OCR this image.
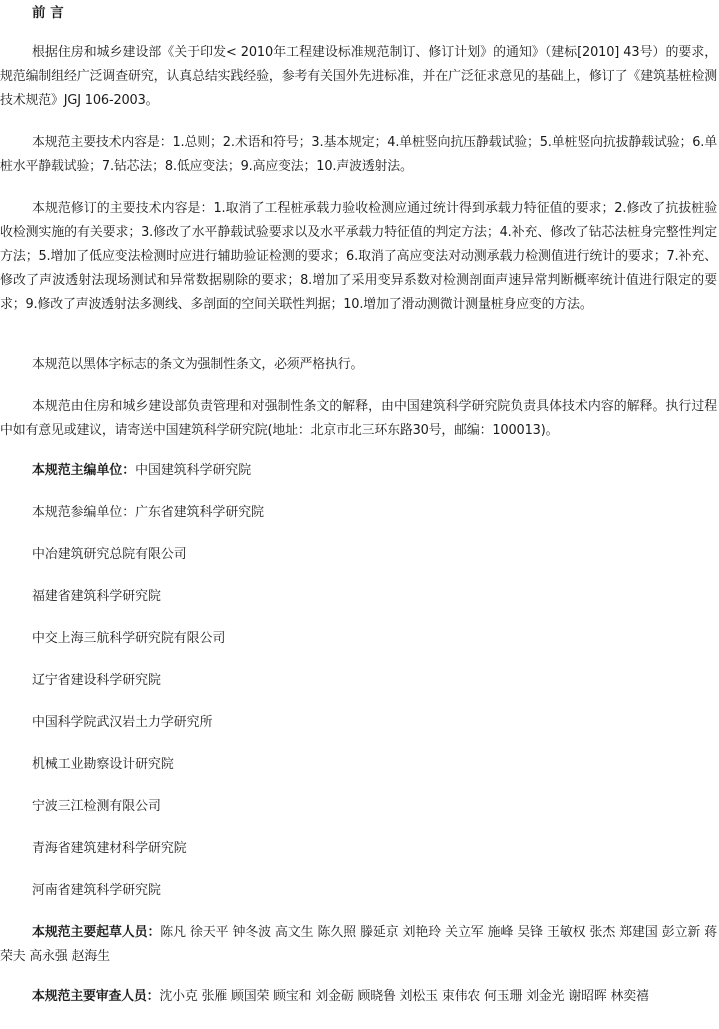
前 言
根据住房和城乡建设部《关于印发< 2010年工程建设标准规范制订、修订计划》的通知》（建标[2010] 43号）的要求，规范编制组经广泛调查研究，认真总结实践经验，参考有关国外先进标准，并在广泛征求意见的基础上，修订了《建筑基桩检测技术规范》JGJ 106-2003。
本规范主要技术内容是：1.总则；2.术语和符号；3.基本规定；4.单桩竖向抗压静载试验；5.单桩竖向抗拔静载试验；6.单桩水平静载试验；7.钻芯法；8.低应变法；9.高应变法；10.声波透射法。
本规范修订的主要技术内容是：1.取消了工程桩承载力验收检测应通过统计得到承载力特征值的要求；2.修改了抗拔桩验收检测实施的有关要求；3.修改了水平静载试验要求以及水平承载力特征值的判定方法；4.补充、修改了钻芯法桩身完整性判定方法；5.增加了低应变法检测时应进行辅助验证检测的要求；6.取消了高应变法对动测承载力检测值进行统计的要求；7.补充、修改了声波透射法现场测试和异常数据剔除的要求；8.增加了采用变异系数对检测剖面声速异常判断概率统计值进行限定的要求；9.修改了声波透射法多测线、多剖面的空间关联性判据；10.增加了滑动测微计测量桩身应变的方法。
本规范以黑体字标志的条文为强制性条文，必须严格执行。
本规范由住房和城乡建设部负责管理和对强制性条文的解释，由中国建筑科学研究院负责具体技术内容的解释。执行过程中如有意见或建议，请寄送中国建筑科学研究院(地址：北京市北三环东路30号，邮编：100013)。
本规范主编单位：中国建筑科学研究院
本规范参编单位：广东省建筑科学研究院
中冶建筑研究总院有限公司
福建省建筑科学研究院
中交上海三航科学研究院有限公司
辽宁省建设科学研究院
中国科学院武汉岩土力学研究所
机械工业勘察设计研究院
宁波三江检测有限公司
青海省建筑建材科学研究院
河南省建筑科学研究院
本规范主要起草人员：陈凡 徐天平 钟冬波 高文生 陈久照 滕延京 刘艳玲 关立军 施峰 吴锋 王敏权 张杰 郑建国 彭立新 蒋荣夫 高永强 赵海生
本规范主要审查人员：沈小克 张雁 顾国荣 顾宝和 刘金砺 顾晓鲁 刘松玉 束伟农 何玉珊 刘金光 谢昭晖 林奕禧
